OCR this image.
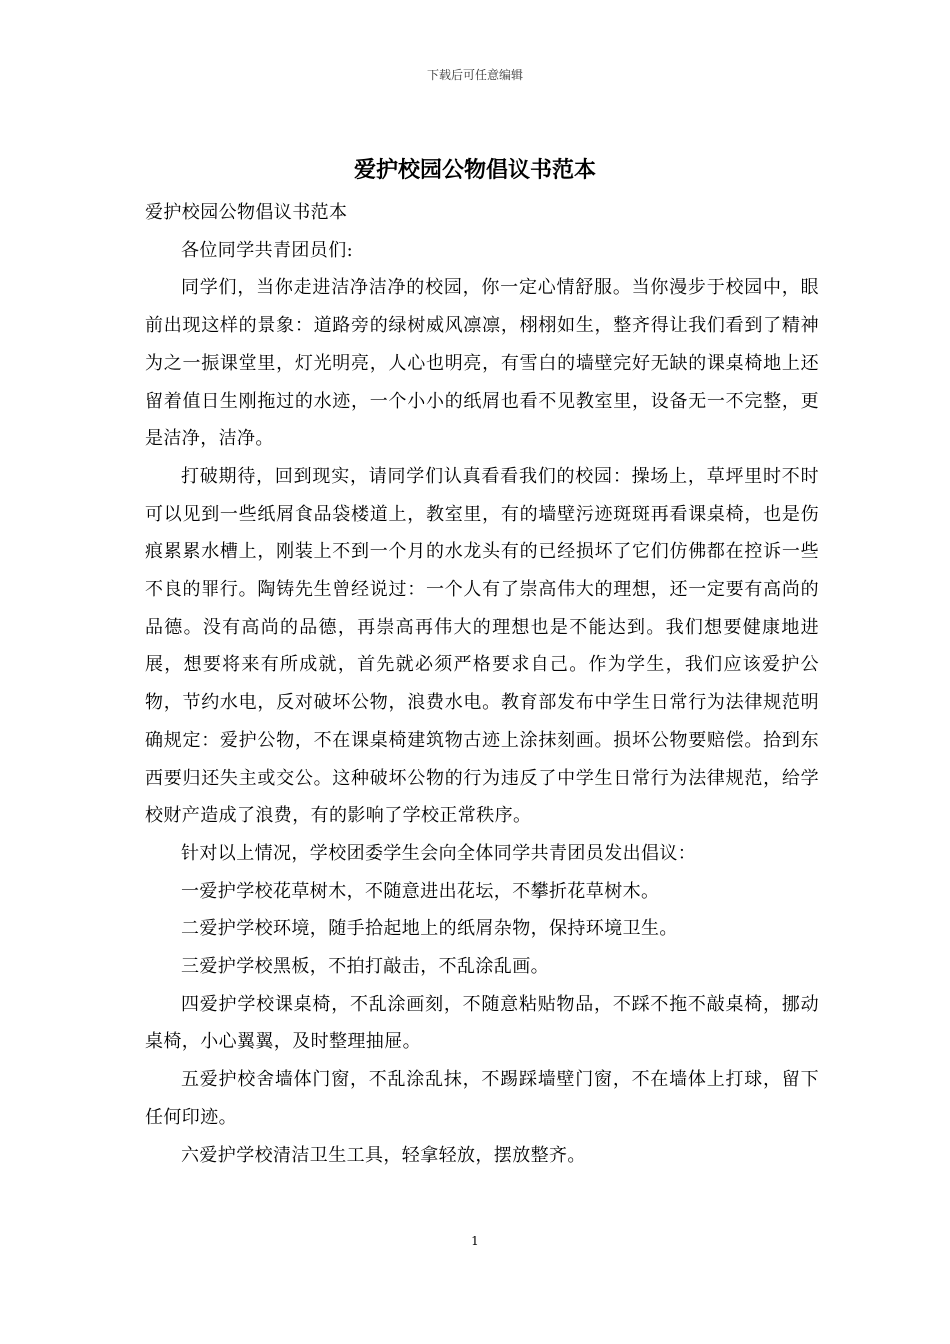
下载后可任意编辑
爱护校园公物倡议书范本

爱护校园公物倡议书范本

各位同学共青团员们:

同学们，当你走进洁净洁净的校园，你一定心情舒服。当你漫步于校园中，眼前出现这样的景象：道路旁的绿树威风凛凛，栩栩如生，整齐得让我们看到了精神为之一振课堂里，灯光明亮，人心也明亮，有雪白的墙壁完好无缺的课桌椅地上还留着值日生刚拖过的水迹，一个小小的纸屑也看不见教室里，设备无一不完整，更是洁净，洁净。

打破期待，回到现实，请同学们认真看看我们的校园：操场上，草坪里时不时可以见到一些纸屑食品袋楼道上，教室里，有的墙壁污迹斑斑再看课桌椅，也是伤痕累累水槽上，刚装上不到一个月的水龙头有的已经损坏了它们仿佛都在控诉一些不良的罪行。陶铸先生曾经说过：一个人有了崇高伟大的理想，还一定要有高尚的品德。没有高尚的品德，再崇高再伟大的理想也是不能达到。我们想要健康地进展，想要将来有所成就，首先就必须严格要求自己。作为学生，我们应该爱护公物，节约水电，反对破坏公物，浪费水电。教育部发布中学生日常行为法律规范明确规定：爱护公物，不在课桌椅建筑物古迹上涂抹刻画。损坏公物要赔偿。拾到东西要归还失主或交公。这种破坏公物的行为违反了中学生日常行为法律规范，给学校财产造成了浪费，有的影响了学校正常秩序。

针对以上情况，学校团委学生会向全体同学共青团员发出倡议：

一爱护学校花草树木，不随意进出花坛，不攀折花草树木。

二爱护学校环境，随手拾起地上的纸屑杂物，保持环境卫生。

三爱护学校黑板，不拍打敲击，不乱涂乱画。

四爱护学校课桌椅，不乱涂画刻，不随意粘贴物品，不踩不拖不敲桌椅，挪动桌椅，小心翼翼，及时整理抽屉。

五爱护校舍墙体门窗，不乱涂乱抹，不踢踩墙壁门窗，不在墙体上打球，留下任何印迹。

六爱护学校清洁卫生工具，轻拿轻放，摆放整齐。

1
